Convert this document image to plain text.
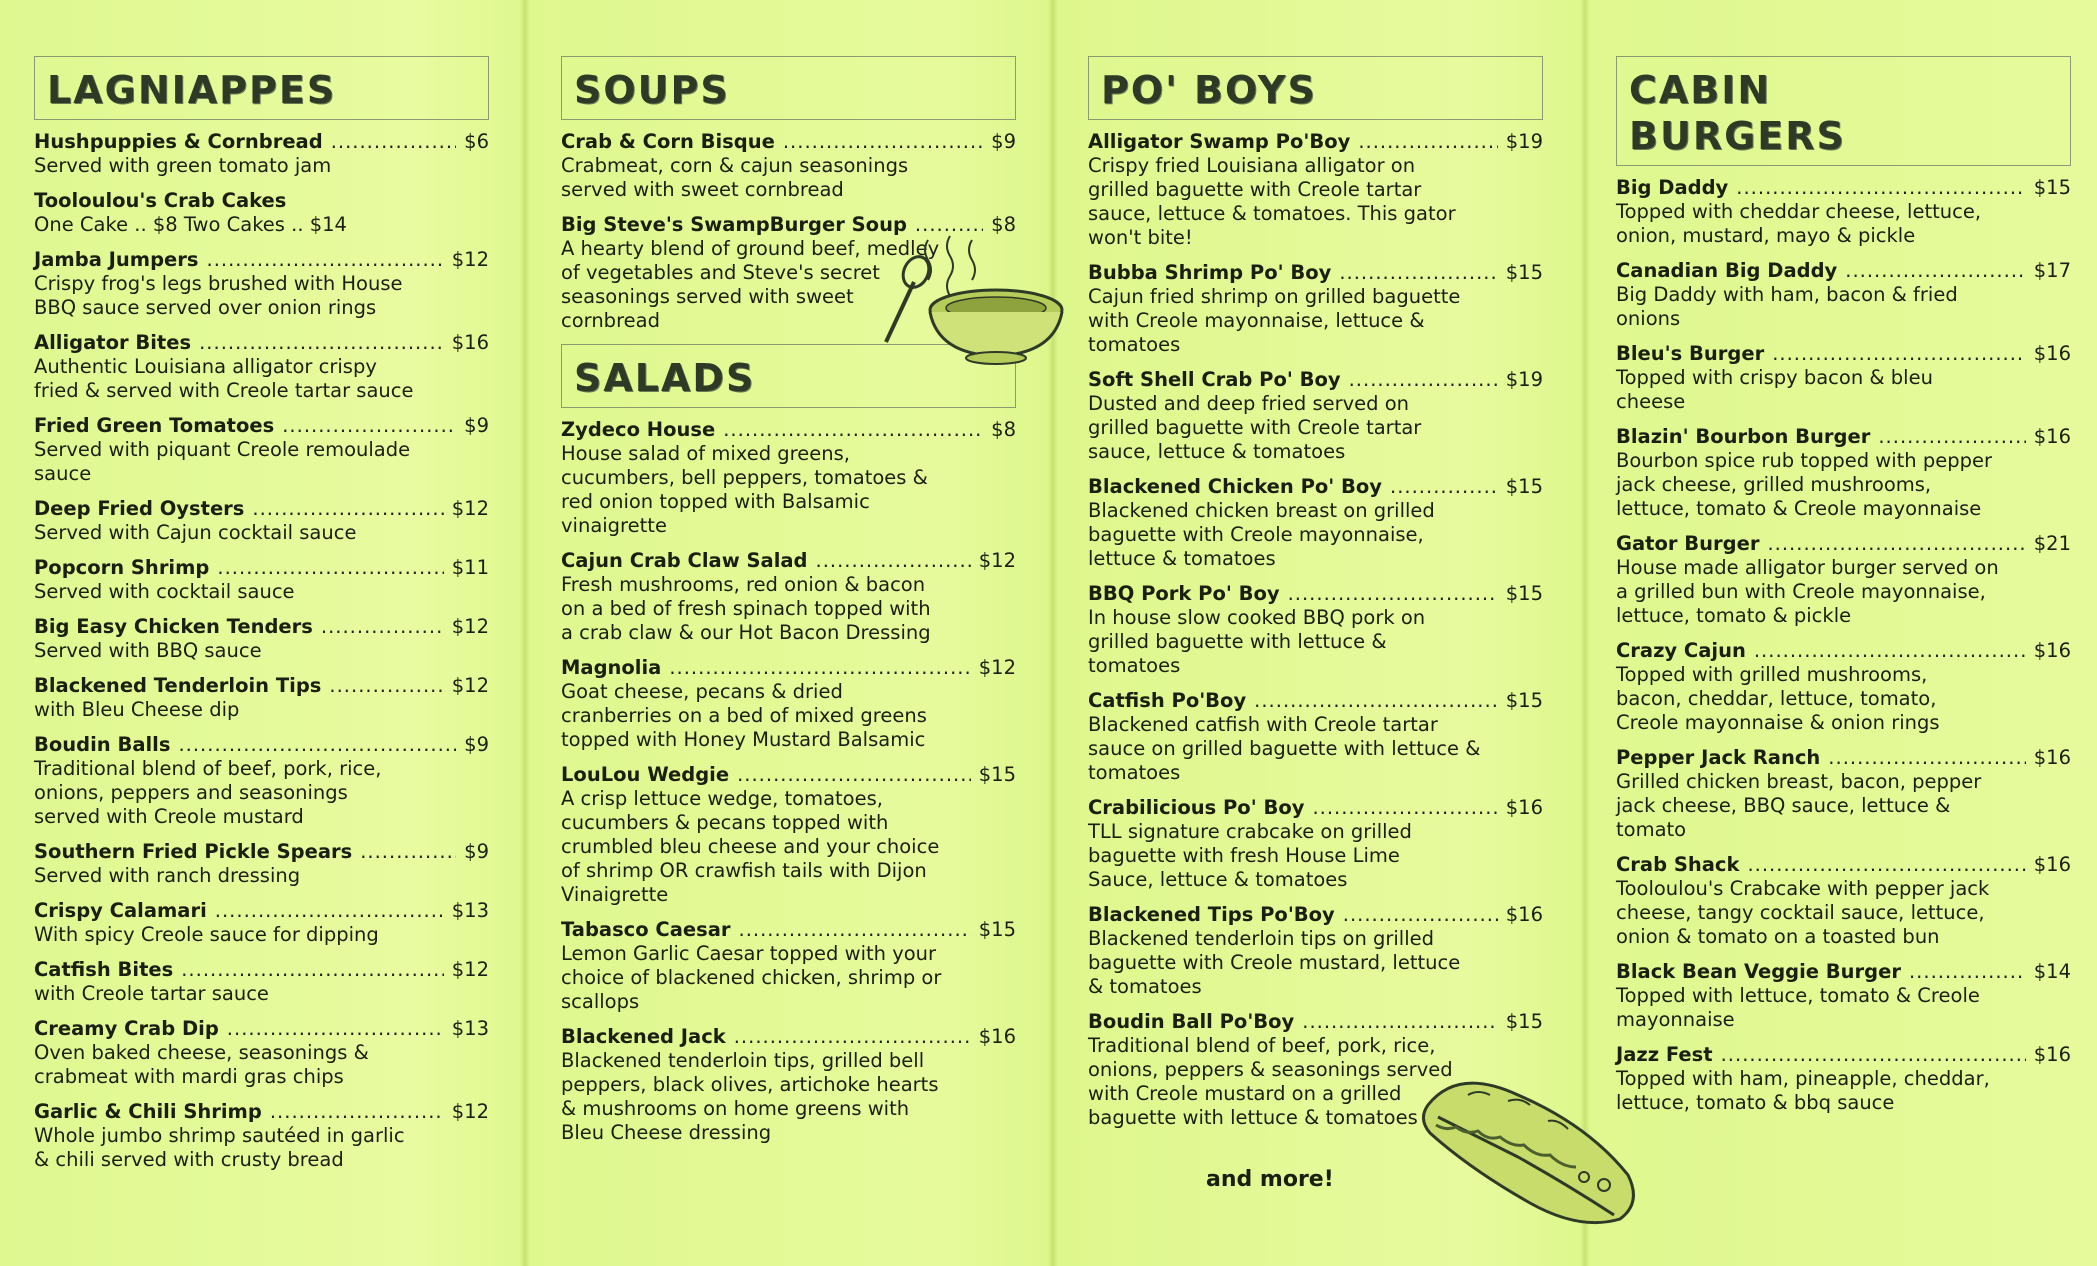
LAGNIAPPES
Hushpuppies & Cornbread .....	$6
Served with green tomato jam
Tooloulou's Crab Cakes
One Cake .. $8 Two Cakes .. $14
Jamba Jumpers .....	$12
Crispy frog's legs brushed with House
BBQ sauce served over onion rings
Alligator Bites .....	$16
Authentic Louisiana alligator crispy
fried & served with Creole tartar sauce
Fried Green Tomatoes .....	$9
Served with piquant Creole remoulade
sauce
Deep Fried Oysters .....	$12
Served with Cajun cocktail sauce
Popcorn Shrimp .....	$11
Served with cocktail sauce
Big Easy Chicken Tenders .....	$12
Served with BBQ sauce
Blackened Tenderloin Tips .....	$12
with Bleu Cheese dip
Boudin Balls .....	$9
Traditional blend of beef, pork, rice,
onions, peppers and seasonings
served with Creole mustard
Southern Fried Pickle Spears .....	$9
Served with ranch dressing
Crispy Calamari .....	$13
With spicy Creole sauce for dipping
Catfish Bites .....	$12
with Creole tartar sauce
Creamy Crab Dip .....	$13
Oven baked cheese, seasonings &
crabmeat with mardi gras chips
Garlic & Chili Shrimp .....	$12
Whole jumbo shrimp sautéed in garlic
& chili served with crusty bread
SOUPS
Crab & Corn Bisque .....	$9
Crabmeat, corn & cajun seasonings
served with sweet cornbread
Big Steve's SwampBurger Soup .....	$8
A hearty blend of ground beef, medley
of vegetables and Steve's secret
seasonings served with sweet
cornbread
SALADS
Zydeco House .....	$8
House salad of mixed greens,
cucumbers, bell peppers, tomatoes &
red onion topped with Balsamic
vinaigrette
Cajun Crab Claw Salad .....	$12
Fresh mushrooms, red onion & bacon
on a bed of fresh spinach topped with
a crab claw & our Hot Bacon Dressing
Magnolia .....	$12
Goat cheese, pecans & dried
cranberries on a bed of mixed greens
topped with Honey Mustard Balsamic
LouLou Wedgie .....	$15
A crisp lettuce wedge, tomatoes,
cucumbers & pecans topped with
crumbled bleu cheese and your choice
of shrimp OR crawfish tails with Dijon
Vinaigrette
Tabasco Caesar .....	$15
Lemon Garlic Caesar topped with your
choice of blackened chicken, shrimp or
scallops
Blackened Jack .....	$16
Blackened tenderloin tips, grilled bell
peppers, black olives, artichoke hearts
& mushrooms on home greens with
Bleu Cheese dressing
PO' BOYS
Alligator Swamp Po'Boy .....	$19
Crispy fried Louisiana alligator on
grilled baguette with Creole tartar
sauce, lettuce & tomatoes. This gator
won't bite!
Bubba Shrimp Po' Boy .....	$15
Cajun fried shrimp on grilled baguette
with Creole mayonnaise, lettuce &
tomatoes
Soft Shell Crab Po' Boy .....	$19
Dusted and deep fried served on
grilled baguette with Creole tartar
sauce, lettuce & tomatoes
Blackened Chicken Po' Boy .....	$15
Blackened chicken breast on grilled
baguette with Creole mayonnaise,
lettuce & tomatoes
BBQ Pork Po' Boy .....	$15
In house slow cooked BBQ pork on
grilled baguette with lettuce &
tomatoes
Catfish Po'Boy .....	$15
Blackened catfish with Creole tartar
sauce on grilled baguette with lettuce &
tomatoes
Crabilicious Po' Boy .....	$16
TLL signature crabcake on grilled
baguette with fresh House Lime
Sauce, lettuce & tomatoes
Blackened Tips Po'Boy .....	$16
Blackened tenderloin tips on grilled
baguette with Creole mustard, lettuce
& tomatoes
Boudin Ball Po'Boy .....	$15
Traditional blend of beef, pork, rice,
onions, peppers & seasonings served
with Creole mustard on a grilled
baguette with lettuce & tomatoes
and more!
CABIN
BURGERS
Big Daddy .....	$15
Topped with cheddar cheese, lettuce,
onion, mustard, mayo & pickle
Canadian Big Daddy .....	$17
Big Daddy with ham, bacon & fried
onions
Bleu's Burger .....	$16
Topped with crispy bacon & bleu
cheese
Blazin' Bourbon Burger .....	$16
Bourbon spice rub topped with pepper
jack cheese, grilled mushrooms,
lettuce, tomato & Creole mayonnaise
Gator Burger .....	$21
House made alligator burger served on
a grilled bun with Creole mayonnaise,
lettuce, tomato & pickle
Crazy Cajun .....	$16
Topped with grilled mushrooms,
bacon, cheddar, lettuce, tomato,
Creole mayonnaise & onion rings
Pepper Jack Ranch .....	$16
Grilled chicken breast, bacon, pepper
jack cheese, BBQ sauce, lettuce &
tomato
Crab Shack .....	$16
Tooloulou's Crabcake with pepper jack
cheese, tangy cocktail sauce, lettuce,
onion & tomato on a toasted bun
Black Bean Veggie Burger .....	$14
Topped with lettuce, tomato & Creole
mayonnaise
Jazz Fest .....	$16
Topped with ham, pineapple, cheddar,
lettuce, tomato & bbq sauce
